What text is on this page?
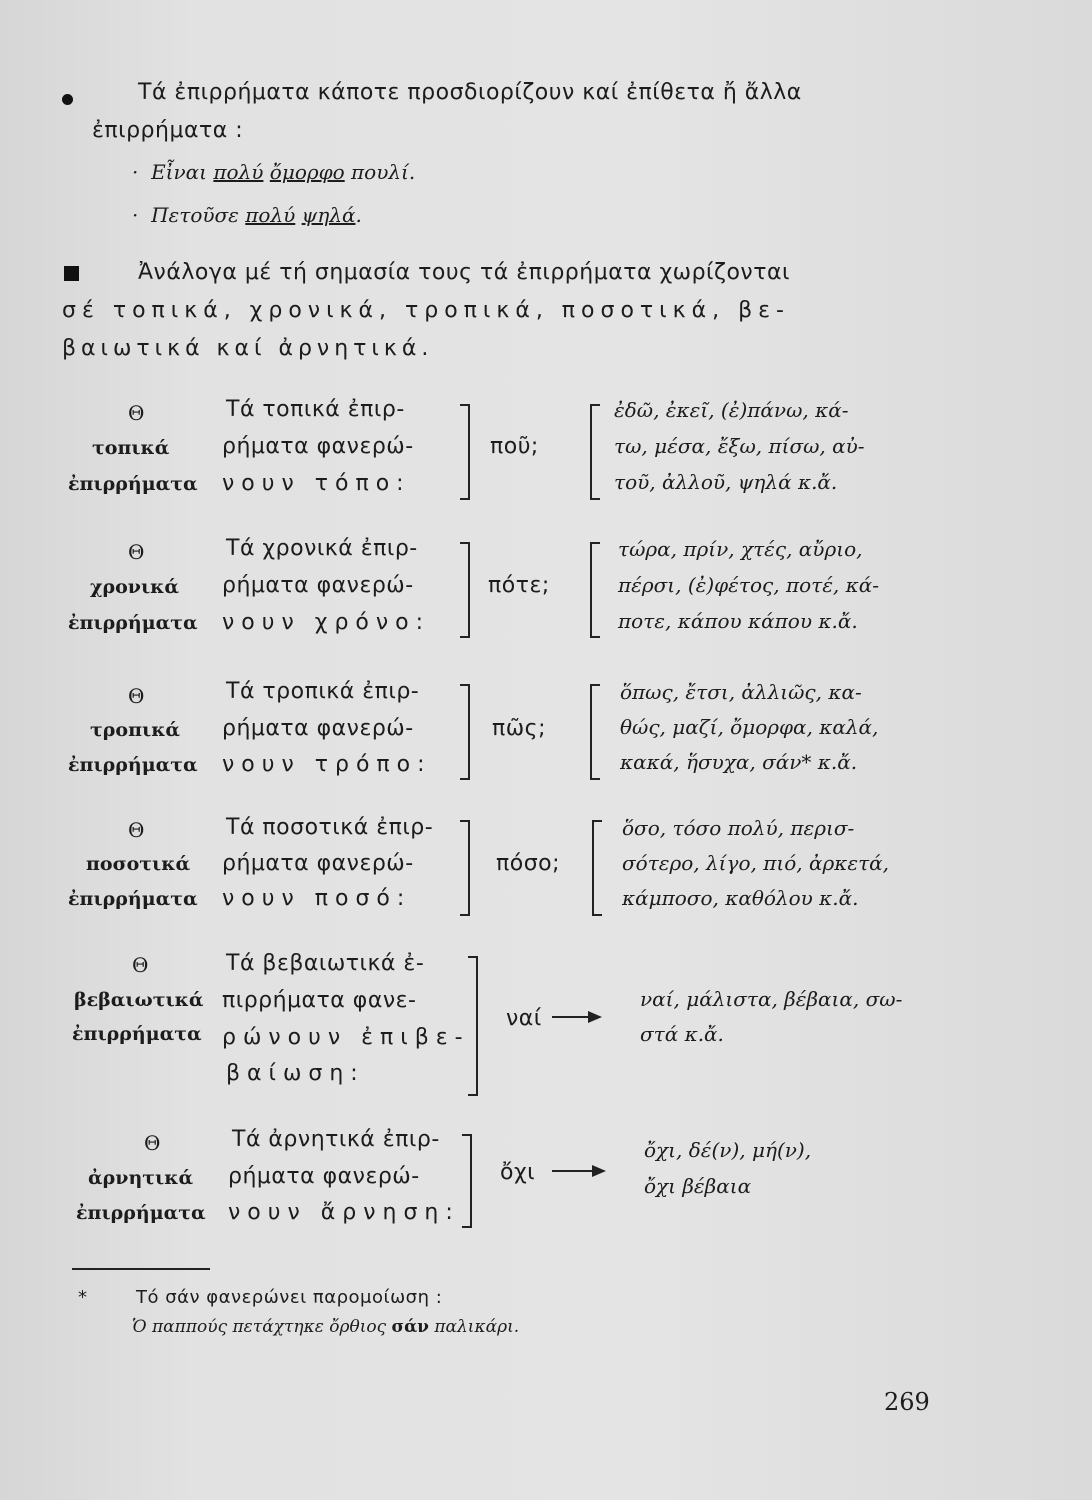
Τά ἐπιρρήματα κάποτε προσδιορίζουν καί ἐπίθετα ἤ ἄλλα
ἐπιρρήματα :
· Εἶναι πολύ ὄμορφο πουλί.
· Πετοῦσε πολύ ψηλά.
Ἀνάλογα μέ τή σημασία τους τά ἐπιρρήματα χωρίζονται
σέ τοπικά, χρονικά, τροπικά, ποσοτικά, βε-
βαιωτικά καί ἀρνητικά.
Θ
τοπικά
ἐπιρρήματα
Τά τοπικά ἐπιρ-
ρήματα φανερώ-
νουν τόπο:
ποῦ;
ἐδῶ, ἐκεῖ, (ἐ)πάνω, κά-
τω, μέσα, ἔξω, πίσω, αὐ-
τοῦ, ἀλλοῦ, ψηλά κ.ἄ.
Θ
χρονικά
ἐπιρρήματα
Τά χρονικά ἐπιρ-
ρήματα φανερώ-
νουν χρόνο:
πότε;
τώρα, πρίν, χτές, αὔριο,
πέρσι, (ἐ)φέτος, ποτέ, κά-
ποτε, κάπου κάπου κ.ἄ.
Θ
τροπικά
ἐπιρρήματα
Τά τροπικά ἐπιρ-
ρήματα φανερώ-
νουν τρόπο:
πῶς;
ὅπως, ἔτσι, ἀλλιῶς, κα-
θώς, μαζί, ὄμορφα, καλά,
κακά, ἥσυχα, σάν* κ.ἄ.
Θ
ποσοτικά
ἐπιρρήματα
Τά ποσοτικά ἐπιρ-
ρήματα φανερώ-
νουν ποσό:
πόσο;
ὅσο, τόσο πολύ, περισ-
σότερο, λίγο, πιό, ἀρκετά,
κάμποσο, καθόλου κ.ἄ.
Θ
βεβαιωτικά
ἐπιρρήματα
Τά βεβαιωτικά ἐ-
πιρρήματα φανε-
ρώνουν ἐπιβε-
βαίωση:
ναί
ναί, μάλιστα, βέβαια, σω-
στά κ.ἄ.
Θ
ἀρνητικά
ἐπιρρήματα
Τά ἀρνητικά ἐπιρ-
ρήματα φανερώ-
νουν ἄρνηση:
ὄχι
ὄχι, δέ(ν), μή(ν),
ὄχι βέβαια
*	Τό σάν φανερώνει παρομοίωση :
Ὁ παππούς πετάχτηκε ὄρθιος σάν παλικάρι.
269
